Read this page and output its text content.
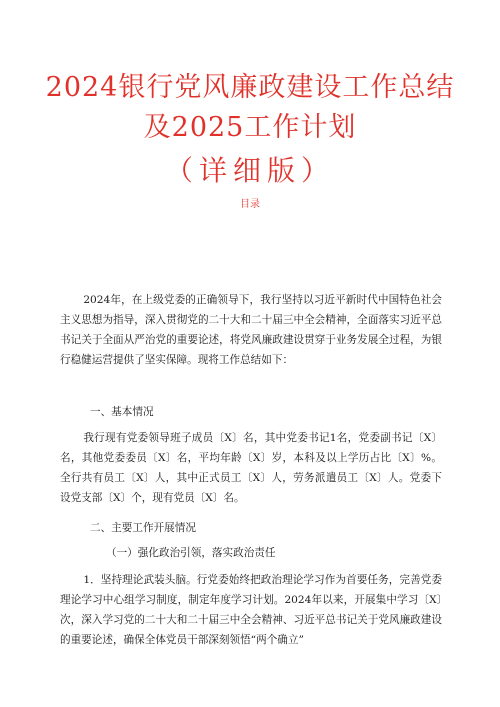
2024银行党风廉政建设工作总结
及2025工作计划
（详细版）
目录

2024年，在上级党委的正确领导下，我行坚持以习近平新时代中国特色社会主义思想为指导，深入贯彻党的二十大和二十届三中全会精神，全面落实习近平总书记关于全面从严治党的重要论述，将党风廉政建设贯穿于业务发展全过程，为银行稳健运营提供了坚实保障。现将工作总结如下：

一、基本情况

我行现有党委领导班子成员〔X〕名，其中党委书记1名，党委副书记〔X〕名，其他党委委员〔X〕名，平均年龄〔X〕岁，本科及以上学历占比〔X〕%。全行共有员工〔X〕人，其中正式员工〔X〕人，劳务派遣员工〔X〕人。党委下设党支部〔X〕个，现有党员〔X〕名。

二、主要工作开展情况

（一）强化政治引领，落实政治责任

1．坚持理论武装头脑。行党委始终把政治理论学习作为首要任务，完善党委理论学习中心组学习制度，制定年度学习计划。2024年以来，开展集中学习〔X〕次，深入学习党的二十大和二十届三中全会精神、习近平总书记关于党风廉政建设的重要论述，确保全体党员干部深刻领悟“两个确立”
